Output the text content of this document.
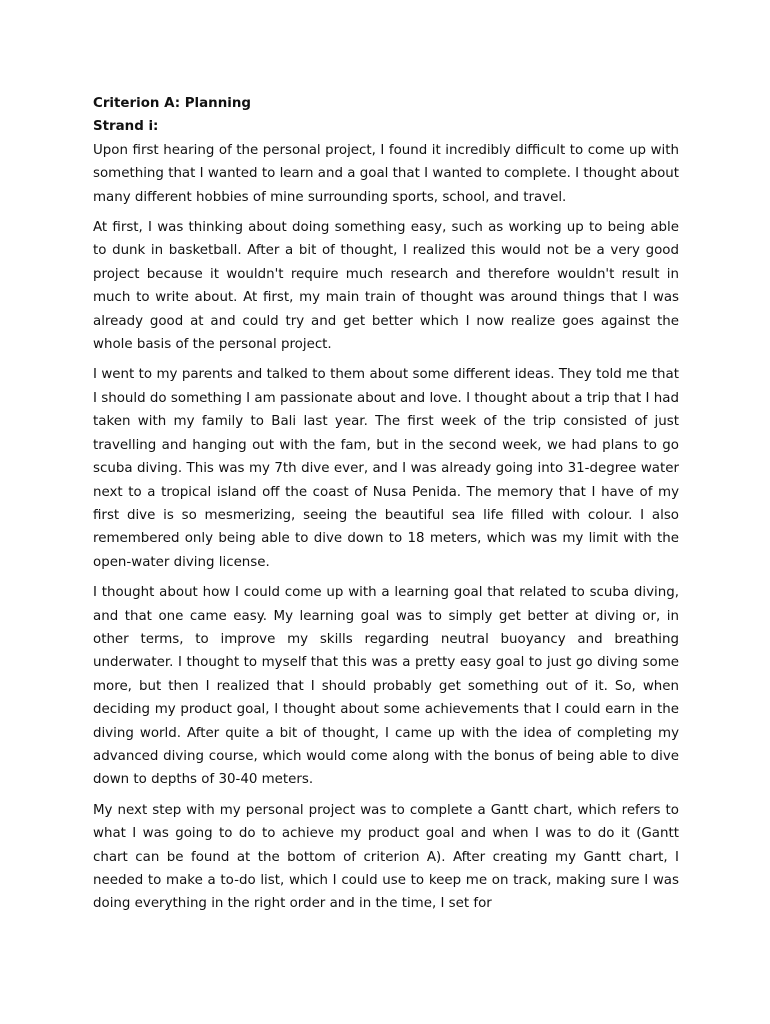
Criterion A: Planning

Strand i:

Upon first hearing of the personal project, I found it incredibly difficult to come up with something that I wanted to learn and a goal that I wanted to complete. I thought about many different hobbies of mine surrounding sports, school, and travel.

At first, I was thinking about doing something easy, such as working up to being able to dunk in basketball. After a bit of thought, I realized this would not be a very good project because it wouldn't require much research and therefore wouldn't result in much to write about. At first, my main train of thought was around things that I was already good at and could try and get better which I now realize goes against the whole basis of the personal project.

I went to my parents and talked to them about some different ideas. They told me that I should do something I am passionate about and love. I thought about a trip that I had taken with my family to Bali last year. The first week of the trip consisted of just travelling and hanging out with the fam, but in the second week, we had plans to go scuba diving. This was my 7th dive ever, and I was already going into 31-degree water next to a tropical island off the coast of Nusa Penida. The memory that I have of my first dive is so mesmerizing, seeing the beautiful sea life filled with colour. I also remembered only being able to dive down to 18 meters, which was my limit with the open-water diving license.

I thought about how I could come up with a learning goal that related to scuba diving, and that one came easy. My learning goal was to simply get better at diving or, in other terms, to improve my skills regarding neutral buoyancy and breathing underwater. I thought to myself that this was a pretty easy goal to just go diving some more, but then I realized that I should probably get something out of it. So, when deciding my product goal, I thought about some achievements that I could earn in the diving world. After quite a bit of thought, I came up with the idea of completing my advanced diving course, which would come along with the bonus of being able to dive down to depths of 30-40 meters.

My next step with my personal project was to complete a Gantt chart, which refers to what I was going to do to achieve my product goal and when I was to do it (Gantt chart can be found at the bottom of criterion A). After creating my Gantt chart, I needed to make a to-do list, which I could use to keep me on track, making sure I was doing everything in the right order and in the time, I set for
